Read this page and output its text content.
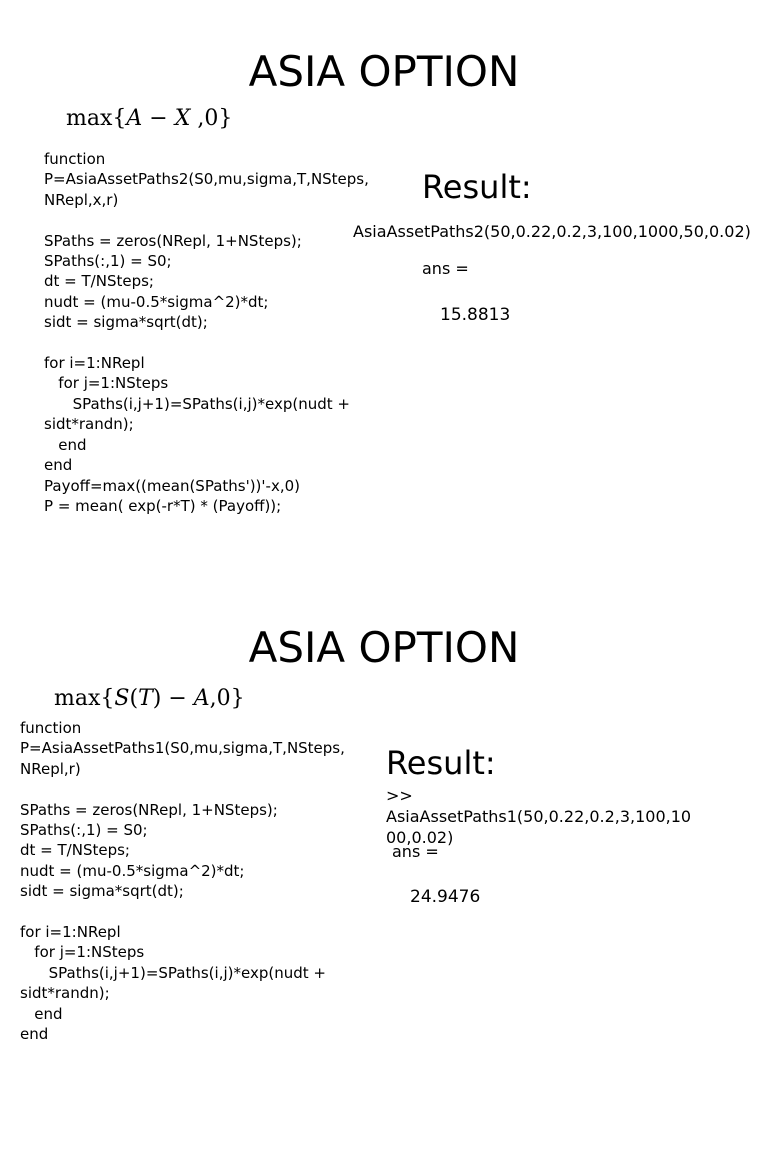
ASIA OPTION
max{A − X ,0}
function
P=AsiaAssetPaths2(S0,mu,sigma,T,NSteps,
NRepl,x,r)

SPaths = zeros(NRepl, 1+NSteps);
SPaths(:,1) = S0;
dt = T/NSteps;
nudt = (mu-0.5*sigma^2)*dt;
sidt = sigma*sqrt(dt);

for i=1:NRepl
for j=1:NSteps
SPaths(i,j+1)=SPaths(i,j)*exp(nudt +
sidt*randn);
end
end
Payoff=max((mean(SPaths'))'-x,0)
P = mean( exp(-r*T) * (Payoff));
Result:
AsiaAssetPaths2(50,0.22,0.2,3,100,1000,50,0.02)
ans =
15.8813
ASIA OPTION
max{S(T) − A,0}
function
P=AsiaAssetPaths1(S0,mu,sigma,T,NSteps,
NRepl,r)

SPaths = zeros(NRepl, 1+NSteps);
SPaths(:,1) = S0;
dt = T/NSteps;
nudt = (mu-0.5*sigma^2)*dt;
sidt = sigma*sqrt(dt);

for i=1:NRepl
for j=1:NSteps
SPaths(i,j+1)=SPaths(i,j)*exp(nudt +
sidt*randn);
end
end
Result:
>>
AsiaAssetPaths1(50,0.22,0.2,3,100,10
00,0.02)
ans =
24.9476
